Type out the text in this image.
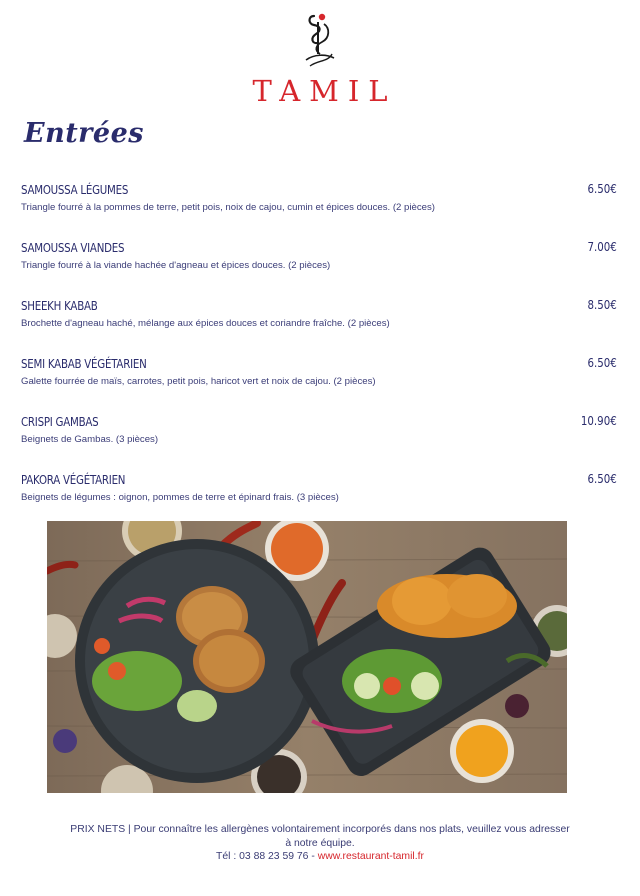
TAMIL
Entrées
SAMOUSSA LÉGUMES	6.50€
Triangle fourré à la pommes de terre, petit pois, noix de cajou, cumin et épices douces. (2 pièces)
SAMOUSSA VIANDES	7.00€
Triangle fourré à la viande hachée d'agneau et épices douces. (2 pièces)
SHEEKH KABAB	8.50€
Brochette d'agneau haché, mélange aux épices douces et coriandre fraîche. (2 pièces)
SEMI KABAB VÉGÉTARIEN	6.50€
Galette fourrée de maïs, carrotes, petit pois, haricot vert et noix de cajou. (2 pièces)
CRISPI GAMBAS	10.90€
Beignets de Gambas. (3 pièces)
PAKORA VÉGÉTARIEN	6.50€
Beignets de légumes : oignon, pommes de terre et épinard frais. (3 pièces)
PRIX NETS | Pour connaître les allergènes volontairement incorporés dans nos plats, veuillez vous adresser
à notre équipe.
Tél : 03 88 23 59 76 - www.restaurant-tamil.fr
